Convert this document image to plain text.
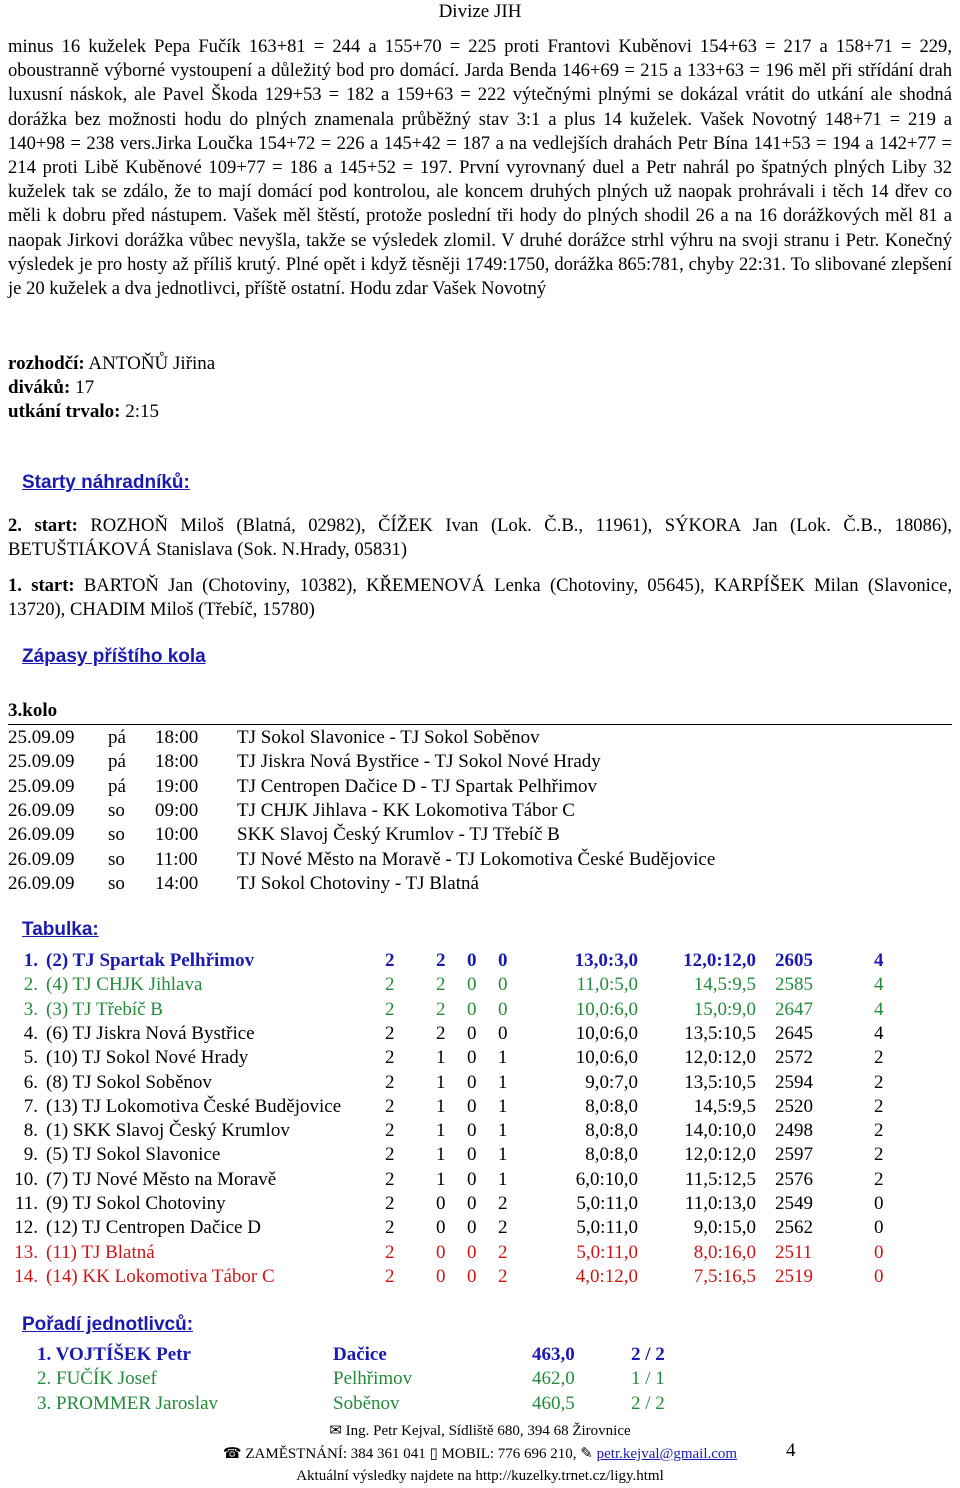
Divize JIH

minus 16 kuželek Pepa Fučík 163+81 = 244 a 155+70 = 225 proti Frantovi Kuběnovi 154+63 = 217 a 158+71 = 229, oboustranně výborné vystoupení a důležitý bod pro domácí. Jarda Benda 146+69 = 215 a 133+63 = 196 měl při střídání drah luxusní náskok, ale Pavel Škoda 129+53 = 182 a 159+63 = 222 výtečnými plnými se dokázal vrátit do utkání ale shodná dorážka bez možnosti hodu do plných znamenala průběžný stav 3:1 a plus 14 kuželek. Vašek Novotný 148+71 = 219 a 140+98 = 238 vers.Jirka Loučka 154+72 = 226 a 145+42 = 187 a na vedlejších drahách Petr Bína 141+53 = 194 a 142+77 = 214 proti Libě Kuběnové 109+77 = 186 a 145+52 = 197. První vyrovnaný duel a Petr nahrál po špatných plných Liby 32 kuželek tak se zdálo, že to mají domácí pod kontrolou, ale koncem druhých plných už naopak prohrávali i těch 14 dřev co měli k dobru před nástupem. Vašek měl štěstí, protože poslední tři hody do plných shodil 26 a na 16 dorážkových měl 81 a naopak Jirkovi dorážka vůbec nevyšla, takže se výsledek zlomil. V druhé dorážce strhl výhru na svoji stranu i Petr. Konečný výsledek je pro hosty až příliš krutý. Plné opět i když těsněji 1749:1750, dorážka 865:781, chyby 22:31. To slibované zlepšení je 20 kuželek a dva jednotlivci, příště ostatní. Hodu zdar Vašek Novotný

rozhodčí: ANTOŇŮ Jiřina
diváků: 17
utkání trvalo: 2:15
Starty náhradníků:

2. start: ROZHOŇ Miloš (Blatná, 02982), ČÍŽEK Ivan (Lok. Č.B., 11961), SÝKORA Jan (Lok. Č.B., 18086), BETUŠTIÁKOVÁ Stanislava (Sok. N.Hrady, 05831)

1. start: BARTOŇ Jan (Chotoviny, 10382), KŘEMENOVÁ Lenka (Chotoviny, 05645), KARPÍŠEK Milan (Slavonice, 13720), CHADIM Miloš (Třebíč, 15780)

Zápasy příštího kola
3.kolo
25.09.09 pá 18:00 TJ Sokol Slavonice - TJ Sokol Soběnov
25.09.09 pá 18:00 TJ Jiskra Nová Bystřice - TJ Sokol Nové Hrady
25.09.09 pá 19:00 TJ Centropen Dačice D - TJ Spartak Pelhřimov
26.09.09 so 09:00 TJ CHJK Jihlava - KK Lokomotiva Tábor C
26.09.09 so 10:00 SKK Slavoj Český Krumlov - TJ Třebíč B
26.09.09 so 11:00 TJ Nové Město na Moravě - TJ Lokomotiva České Budějovice
26.09.09 so 14:00 TJ Sokol Chotoviny - TJ Blatná
Tabulka:
1. (2) TJ Spartak Pelhřimov	2 2 0 0	13,0:3,0	12,0:12,0 2605	4
2. (4) TJ CHJK Jihlava	2 2 0 0	11,0:5,0	14,5:9,5 2585	4
3. (3) TJ Třebíč B	2 2 0 0	10,0:6,0	15,0:9,0 2647	4
4. (6) TJ Jiskra Nová Bystřice	2 2 0 0	10,0:6,0	13,5:10,5 2645	4
5. (10) TJ Sokol Nové Hrady	2 1 0 1	10,0:6,0	12,0:12,0 2572	2
6. (8) TJ Sokol Soběnov	2 1 0 1	9,0:7,0	13,5:10,5 2594	2
7. (13) TJ Lokomotiva České Budějovice 2 1 0 1	8,0:8,0	14,5:9,5 2520	2
8. (1) SKK Slavoj Český Krumlov	2 1 0 1	8,0:8,0	14,0:10,0 2498	2
9. (5) TJ Sokol Slavonice	2 1 0 1	8,0:8,0	12,0:12,0 2597	2
10. (7) TJ Nové Město na Moravě	2 1 0 1	6,0:10,0	11,5:12,5 2576	2
11. (9) TJ Sokol Chotoviny	2 0 0 2	5,0:11,0	11,0:13,0 2549	0
12. (12) TJ Centropen Dačice D	2 0 0 2	5,0:11,0	9,0:15,0 2562	0
13. (11) TJ Blatná	2 0 0 2	5,0:11,0	8,0:16,0 2511	0
14. (14) KK Lokomotiva Tábor C	2 0 0 2	4,0:12,0	7,5:16,5 2519	0
Pořadí jednotlivců:
1. VOJTÍŠEK Petr	Dačice	463,0	2 / 2
2. FUČÍK Josef	Pelhřimov	462,0	1 / 1
3. PROMMER Jaroslav	Soběnov	460,5	2 / 2
✉ Ing. Petr Kejval, Sídliště 680, 394 68 Žirovnice
☎ ZAMĚSTNÁNÍ: 384 361 041 ▯ MOBIL: 776 696 210, ✎ petr.kejval@gmail.com
Aktuální výsledky najdete na http://kuzelky.trnet.cz/ligy.html
4
